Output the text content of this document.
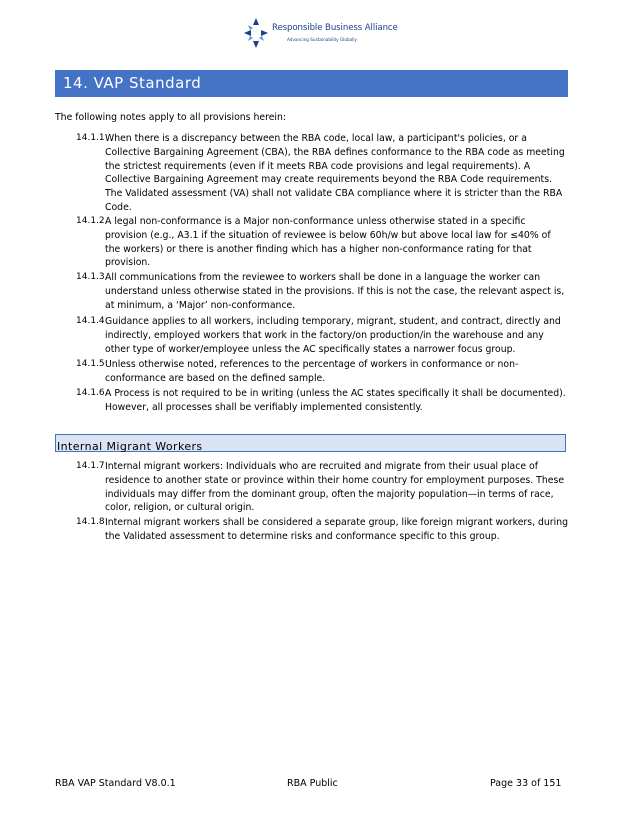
Responsible Business Alliance
Advancing Sustainability Globally
14. VAP Standard
The following notes apply to all provisions herein:
14.1.1 When there is a discrepancy between the RBA code, local law, a participant's policies, or a Collective Bargaining Agreement (CBA), the RBA defines conformance to the RBA code as meeting the strictest requirements (even if it meets RBA code provisions and legal requirements). A Collective Bargaining Agreement may create requirements beyond the RBA Code requirements. The Validated assessment (VA) shall not validate CBA compliance where it is stricter than the RBA Code.
14.1.2 A legal non-conformance is a Major non-conformance unless otherwise stated in a specific provision (e.g., A3.1 if the situation of reviewee is below 60h/w but above local law for ≤40% of the workers) or there is another finding which has a higher non-conformance rating for that provision.
14.1.3 All communications from the reviewee to workers shall be done in a language the worker can understand unless otherwise stated in the provisions. If this is not the case, the relevant aspect is, at minimum, a ‘Major’ non-conformance.
14.1.4 Guidance applies to all workers, including temporary, migrant, student, and contract, directly and indirectly, employed workers that work in the factory/on production/in the warehouse and any other type of worker/employee unless the AC specifically states a narrower focus group.
14.1.5 Unless otherwise noted, references to the percentage of workers in conformance or non-conformance are based on the defined sample.
14.1.6 A Process is not required to be in writing (unless the AC states specifically it shall be documented). However, all processes shall be verifiably implemented consistently.
Internal Migrant Workers
14.1.7 Internal migrant workers: Individuals who are recruited and migrate from their usual place of residence to another state or province within their home country for employment purposes. These individuals may differ from the dominant group, often the majority population—in terms of race, color, religion, or cultural origin.
14.1.8 Internal migrant workers shall be considered a separate group, like foreign migrant workers, during the Validated assessment to determine risks and conformance specific to this group.
RBA VAP Standard V8.0.1	RBA Public	Page 33 of 151
